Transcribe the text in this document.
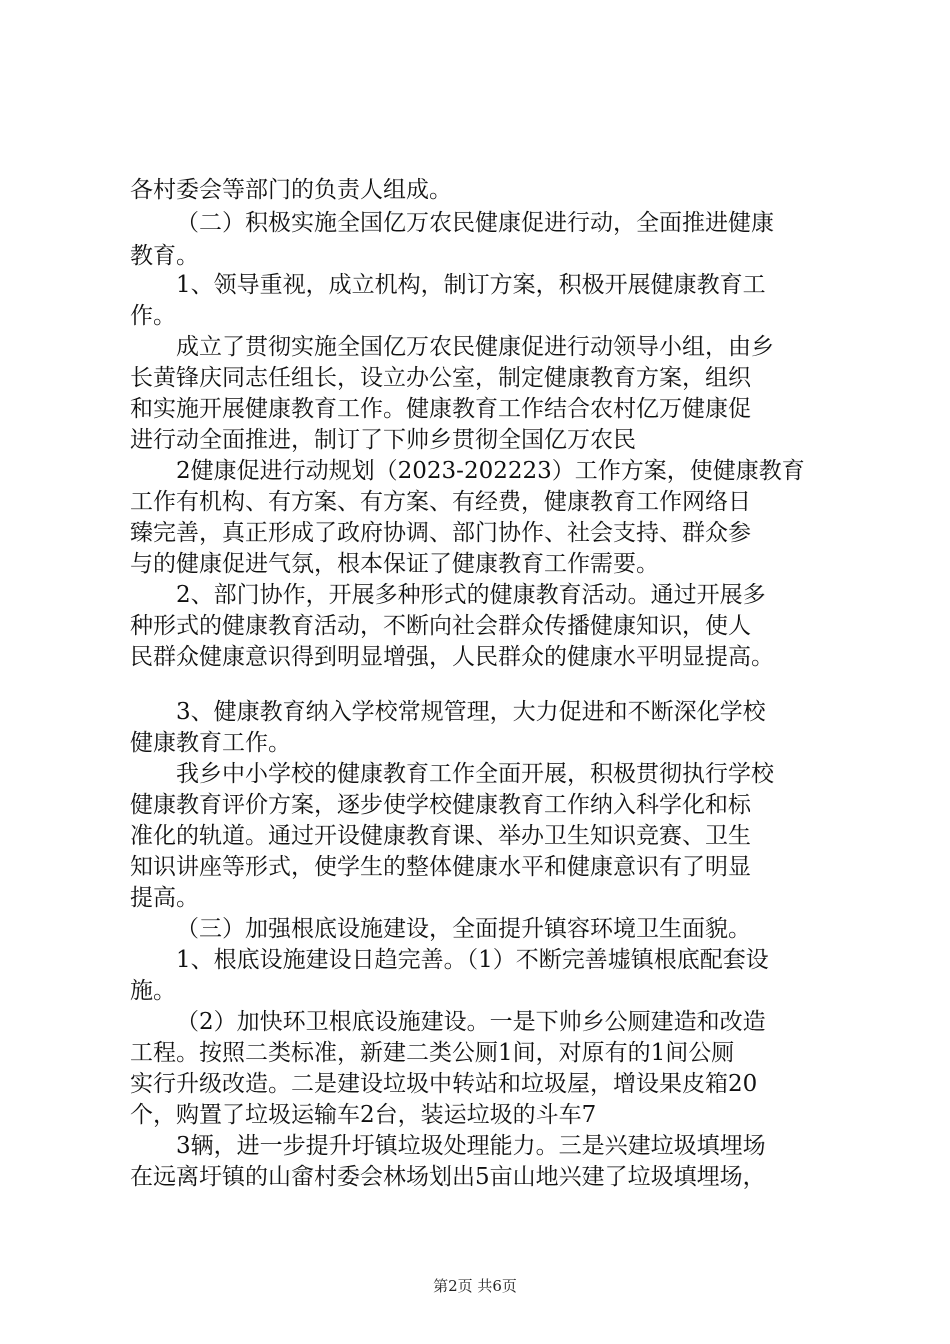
各村委会等部门的负责人组成。

（二）积极实施全国亿万农民健康促进行动，全面推进健康

教育。

1、领导重视，成立机构，制订方案，积极开展健康教育工

作。

成立了贯彻实施全国亿万农民健康促进行动领导小组，由乡

长黄锋庆同志任组长，设立办公室，制定健康教育方案，组织

和实施开展健康教育工作。健康教育工作结合农村亿万健康促

进行动全面推进，制订了下帅乡贯彻全国亿万农民

2健康促进行动规划（2023-202223）工作方案，使健康教育

工作有机构、有方案、有方案、有经费，健康教育工作网络日

臻完善，真正形成了政府协调、部门协作、社会支持、群众参

与的健康促进气氛，根本保证了健康教育工作需要。

2、部门协作，开展多种形式的健康教育活动。通过开展多

种形式的健康教育活动，不断向社会群众传播健康知识，使人

民群众健康意识得到明显增强，人民群众的健康水平明显提高。

3、健康教育纳入学校常规管理，大力促进和不断深化学校

健康教育工作。

我乡中小学校的健康教育工作全面开展，积极贯彻执行学校

健康教育评价方案，逐步使学校健康教育工作纳入科学化和标

准化的轨道。通过开设健康教育课、举办卫生知识竞赛、卫生

知识讲座等形式，使学生的整体健康水平和健康意识有了明显

提高。

（三）加强根底设施建设，全面提升镇容环境卫生面貌。

1、根底设施建设日趋完善。（1）不断完善墟镇根底配套设

施。

（2）加快环卫根底设施建设。一是下帅乡公厕建造和改造

工程。按照二类标准，新建二类公厕1间，对原有的1间公厕

实行升级改造。二是建设垃圾中转站和垃圾屋，增设果皮箱20

个，购置了垃圾运输车2台，装运垃圾的斗车7

3辆，进一步提升圩镇垃圾处理能力。三是兴建垃圾填埋场

在远离圩镇的山畲村委会林场划出5亩山地兴建了垃圾填埋场，

第2页 共6页
